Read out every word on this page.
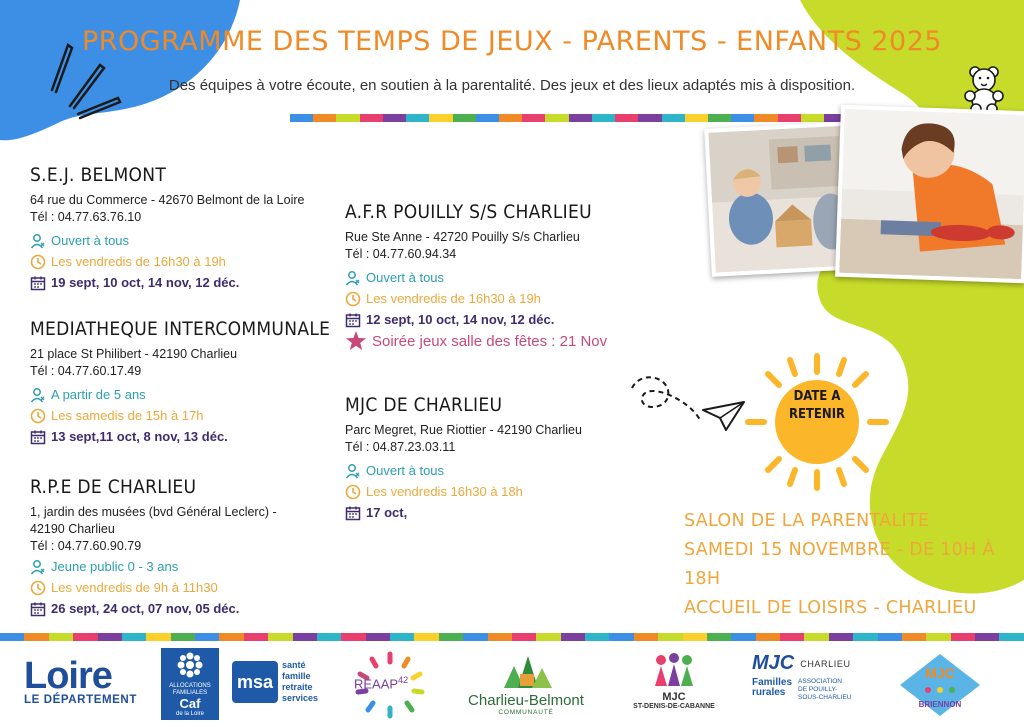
PROGRAMME DES TEMPS DE JEUX - PARENTS - ENFANTS 2025
Des équipes à votre écoute, en soutien à la parentalité. Des jeux et des lieux adaptés mis à disposition.
S.E.J. BELMONT
64 rue du Commerce - 42670 Belmont de la Loire
Tél : 04.77.63.76.10
Ouvert à tous
Les vendredis de 16h30 à 19h
19 sept, 10 oct, 14 nov, 12 déc.
MEDIATHEQUE INTERCOMMUNALE
21 place St Philibert - 42190 Charlieu
Tél : 04.77.60.17.49
A partir de 5 ans
Les samedis de 15h à 17h
13 sept,11 oct, 8 nov, 13 déc.
R.P.E DE CHARLIEU
1, jardin des musées (bvd Général Leclerc) -
42190 Charlieu
Tél : 04.77.60.90.79
Jeune public 0 - 3 ans
Les vendredis de 9h à 11h30
26 sept, 24 oct, 07 nov, 05 déc.
A.F.R POUILLY S/S CHARLIEU
Rue Ste Anne - 42720 Pouilly S/s Charlieu
Tél : 04.77.60.94.34
Ouvert à tous
Les vendredis de 16h30 à 19h
12 sept, 10 oct, 14 nov, 12 déc.
Soirée jeux salle des fêtes : 21 Nov
MJC DE CHARLIEU
Parc Megret, Rue Riottier - 42190 Charlieu
Tél : 04.87.23.03.11
Ouvert à tous
Les vendredis 16h30 à 18h
17 oct,
DATE A
RETENIR
SALON DE LA PARENTALITE
SAMEDI 15 NOVEMBRE - DE 10H À 18H
ACCUEIL DE LOISIRS - CHARLIEU
Loire
LE DÉPARTEMENT
ALLOCATIONS
FAMILIALES
Caf
de la Loire
msa
santé
famille
retraite
services
REAAP$^{42}$
Charlieu-Belmont
COMMUNAUTÉ
MJC
ST-DENIS-DE-CABANNE
MJC CHARLIEU
Familles
rurales
ASSOCIATION
DE POUILLY-
SOUS-CHARLIEU
MJC
BRIENNON
